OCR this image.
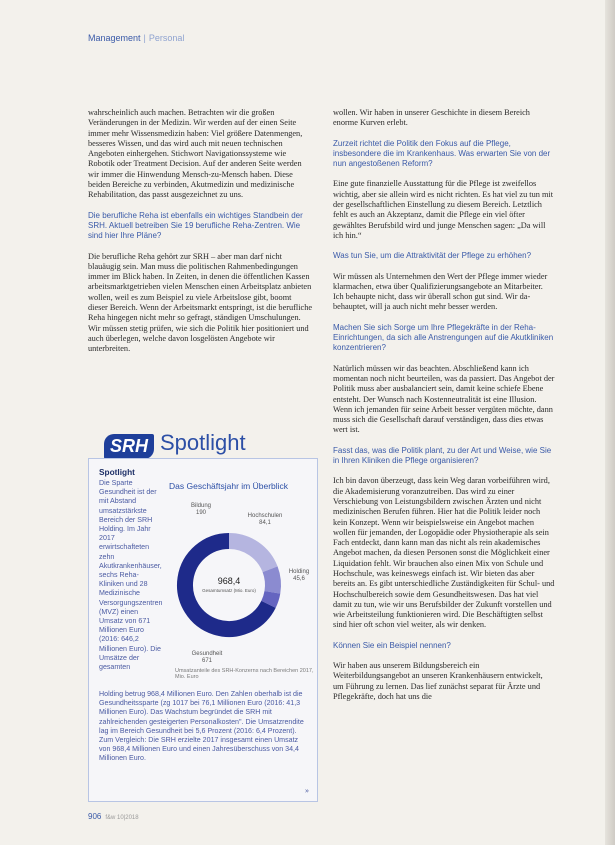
Management | Personal

wahrscheinlich auch machen. Betrachten wir die großen Veränderungen in der Medizin. Wir werden auf der einen Seite immer mehr Wissensmedizin haben: Viel größere Datenmengen, besseres Wissen, und das wird auch mit neuen technischen Angeboten einhergehen. Stichwort Navigationssysteme wie Robotik oder Treatment Decision. Auf der anderen Seite werden wir immer die Hinwendung Mensch-zu-Mensch haben. Diese beiden Bereiche zu verbinden, Akutmedizin und medizinische Rehabilitation, das passt ausgezeichnet zu uns.

Die berufliche Reha ist ebenfalls ein wichtiges Standbein der SRH. Aktuell betreiben Sie 19 berufliche Reha-Zentren. Wie sind hier Ihre Pläne?

Die berufliche Reha gehört zur SRH – aber man darf nicht blauäugig sein. Man muss die politischen Rahmenbedingungen immer im Blick haben. In Zeiten, in denen die öffentlichen Kassen arbeitsmarktgetrieben vielen Menschen einen Arbeitsplatz anbieten wollen, weil es zum Beispiel zu viele Arbeitslose gibt, boomt dieser Bereich. Wenn der Arbeitsmarkt entspringt, ist die berufliche Reha hingegen nicht mehr so gefragt, ständigen Umschulungen. Wir müssen stetig prüfen, wie sich die Politik hier positioniert und auch überlegen, welche davon losgelösten Angebote wir unterbreiten.

wollen. Wir haben in unserer Geschichte in diesem Bereich enorme Kurven erlebt.

Zurzeit richtet die Politik den Fokus auf die Pflege, insbesondere die im Krankenhaus. Was erwarten Sie von der nun angestoßenen Reform?

Eine gute finanzielle Ausstattung für die Pflege ist zweifellos wichtig, aber sie allein wird es nicht richten. Es hat viel zu tun mit der gesellschaftlichen Einstellung zu diesem Bereich. Letztlich fehlt es auch an Akzeptanz, damit die Pflege ein viel öfter gewähltes Berufsbild wird und junge Menschen sagen: „Da will ich hin.“

Was tun Sie, um die Attraktivität der Pflege zu erhöhen?

Wir müssen als Unternehmen den Wert der Pflege immer wieder klarmachen, etwa über Qualifizierungsangebote an Mitarbeiter. Ich behaupte nicht, dass wir überall schon gut sind. Wir da- behauptet, will ja auch nicht mehr besser werden.

Machen Sie sich Sorge um Ihre Pflegekräfte in der Reha-Einrichtungen, da sich alle Anstrengungen auf die Akutkliniken konzentrieren?

Natürlich müssen wir das beachten. Abschließend kann ich momentan noch nicht beurteilen, was da passiert. Das Angebot der Politik muss aber ausbalanciert sein, damit keine schiefe Ebene entsteht. Der Wunsch nach Kostenneutralität ist eine Illusion. Wenn ich jemanden für seine Arbeit besser vergüten möchte, dann muss sich die Gesellschaft darauf verständigen, dass dies etwas wert ist.

Fasst das, was die Politik plant, zu der Art und Weise, wie Sie in Ihren Kliniken die Pflege organisieren?

Ich bin davon überzeugt, dass kein Weg daran vorbeiführen wird, die Akademisierung voranzutreiben. Das wird zu einer Verschiebung von Leistungsbildern zwischen Ärzten und nicht medizinischen Berufen führen. Hier hat die Politik leider noch kein Konzept. Wenn wir beispielsweise ein Angebot machen wollen für jemanden, der Logopädie oder Physiotherapie als sein Fach entdeckt, dann kann man das nicht als rein akademisches Angebot machen, da diesen Personen sonst die Möglichkeit einer Liquidation fehlt. Wir brauchen also einen Mix von Schule und Hochschule, was keineswegs einfach ist. Wir bieten das aber bereits an. Es gibt unterschiedliche Zuständigkeiten für Schul- und Hochschulbereich sowie dem Gesundheitswesen. Das hat viel damit zu tun, wie wir uns Berufsbilder der Zukunft vorstellen und wie Arbeitsteilung funktionieren wird. Die Beschäftigten selbst sind hier oft schon viel weiter, als wir denken.

Können Sie ein Beispiel nennen?

Wir haben aus unserem Bildungsbereich ein Weiterbildungsangebot an unseren Krankenhäusern entwickelt, um Führung zu lernen. Das lief zunächst separat für Ärzte und Pflegekräfte, doch hat uns die

SRH Spotlight
Spotlight
Die Sparte Gesundheit ist der mit Abstand umsatzstärkste Bereich der SRH Holding. Im Jahr 2017 erwirtschafteten zehn Akutkrankenhäuser, sechs Reha-Kliniken und 28 Medizinische Versorgungszentren (MVZ) einen Umsatz von 671 Millionen Euro (2016: 646,2 Millionen Euro). Die Umsätze der gesamten
Das Geschäftsjahr im Überblick
Bildung 190	Hochschulen 84,1
Holding 45,6
Gesundheit 671
968,4
Gesamtumsatz (Mio. Euro)
Umsatzanteile des SRH-Konzerns nach Bereichen 2017, Mio. Euro
Holding betrug 968,4 Millionen Euro. Den Zahlen oberhalb ist die Gesundheitssparte (zg 1017 bei 76,1 Millionen Euro (2016: 41,3 Millionen Euro). Das Wachstum begründet die SRH mit zahlreichenden gesteigerten Personalkosten". Die Umsatzrendite lag im Bereich Gesundheit bei 5,6 Prozent (2016: 6,4 Prozent). Zum Vergleich: Die SRH erzielte 2017 insgesamt einen Umsatz von 968,4 Millionen Euro und einen Jahresüberschuss von 34,4 Millionen Euro.
»
906 f&w 10|2018
